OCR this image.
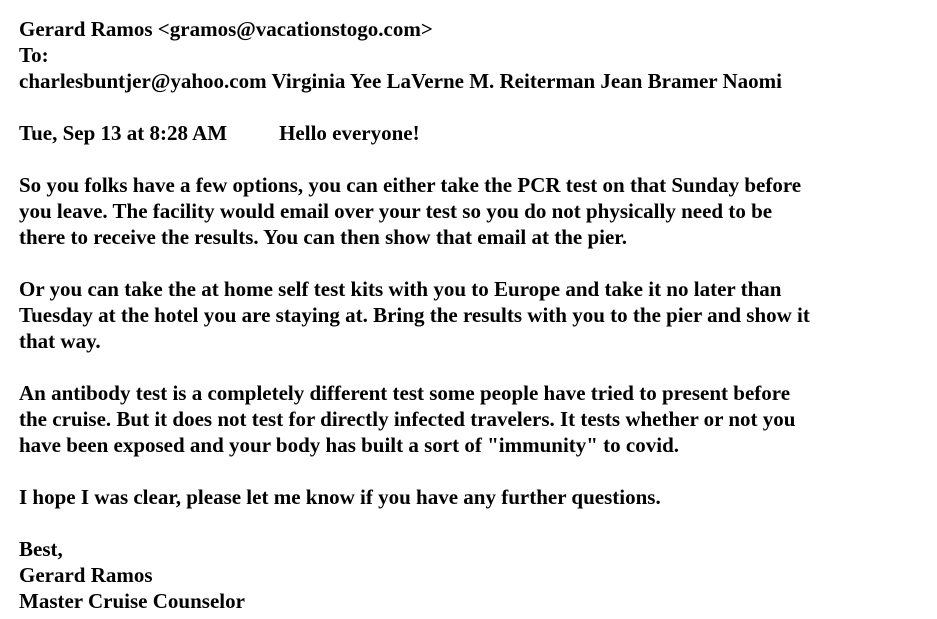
Gerard Ramos <gramos@vacationstogo.com>
To:
charlesbuntjer@yahoo.com Virginia Yee LaVerne M. Reiterman Jean Bramer Naomi
Tue, Sep 13 at 8:28 AM Hello everyone!
So you folks have a few options, you can either take the PCR test on that Sunday before
you leave. The facility would email over your test so you do not physically need to be
there to receive the results. You can then show that email at the pier.
Or you can take the at home self test kits with you to Europe and take it no later than
Tuesday at the hotel you are staying at. Bring the results with you to the pier and show it
that way.
An antibody test is a completely different test some people have tried to present before
the cruise. But it does not test for directly infected travelers. It tests whether or not you
have been exposed and your body has built a sort of "immunity" to covid.
I hope I was clear, please let me know if you have any further questions.
Best,
Gerard Ramos
Master Cruise Counselor
